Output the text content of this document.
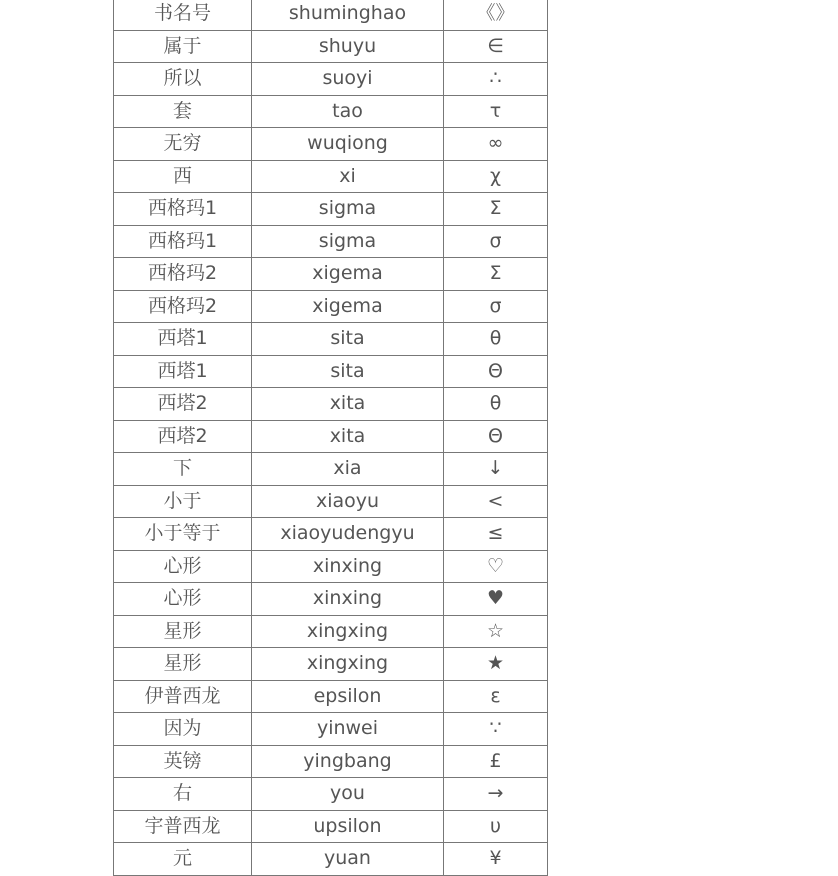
书名号	shuminghao	《》
属于	shuyu	∈
所以	suoyi	∴
套	tao	τ
无穷	wuqiong	∞
西	xi	χ
西格玛1	sigma	Σ
西格玛1	sigma	σ
西格玛2	xigema	Σ
西格玛2	xigema	σ
西塔1	sita	θ
西塔1	sita	Θ
西塔2	xita	θ
西塔2	xita	Θ
下	xia	↓
小于	xiaoyu	<
小于等于	xiaoyudengyu	≤
心形	xinxing	♡
心形	xinxing	♥
星形	xingxing	☆
星形	xingxing	★
伊普西龙	epsilon	ε
因为	yinwei	∵
英镑	yingbang	£
右	you	→
宇普西龙	upsilon	υ
元	yuan	¥
